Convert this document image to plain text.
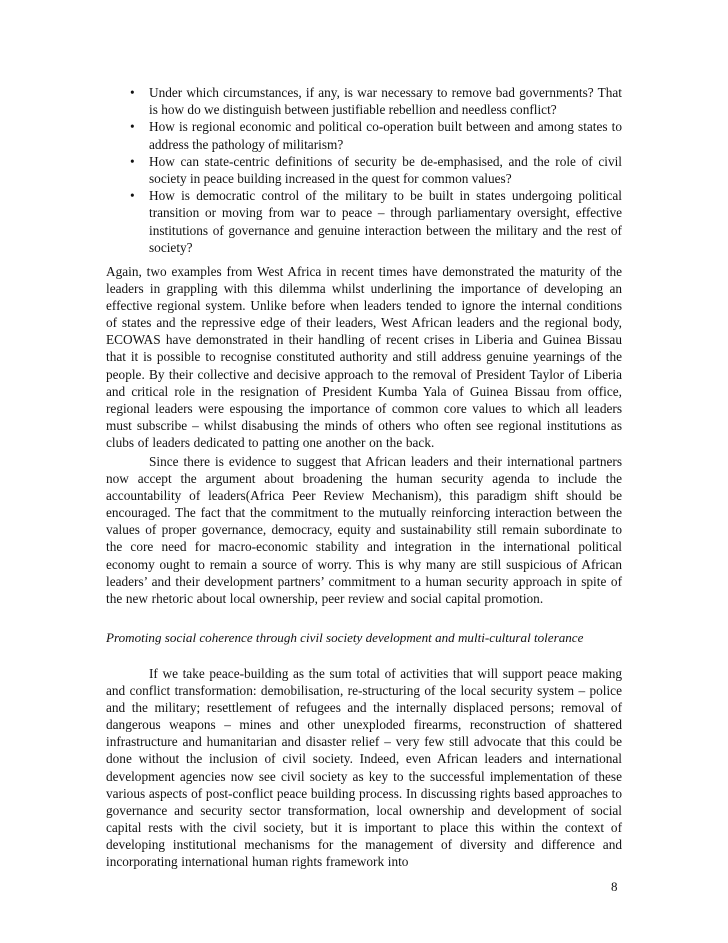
• Under which circumstances, if any, is war necessary to remove bad governments? That is how do we distinguish between justifiable rebellion and needless conflict?
• How is regional economic and political co-operation built between and among states to address the pathology of militarism?
• How can state-centric definitions of security be de-emphasised, and the role of civil society in peace building increased in the quest for common values?
• How is democratic control of the military to be built in states undergoing political transition or moving from war to peace – through parliamentary oversight, effective institutions of governance and genuine interaction between the military and the rest of society?

Again, two examples from West Africa in recent times have demonstrated the maturity of the leaders in grappling with this dilemma whilst underlining the importance of developing an effective regional system. Unlike before when leaders tended to ignore the internal conditions of states and the repressive edge of their leaders, West African leaders and the regional body, ECOWAS have demonstrated in their handling of recent crises in Liberia and Guinea Bissau that it is possible to recognise constituted authority and still address genuine yearnings of the people. By their collective and decisive approach to the removal of President Taylor of Liberia and critical role in the resignation of President Kumba Yala of Guinea Bissau from office, regional leaders were espousing the importance of common core values to which all leaders must subscribe – whilst disabusing the minds of others who often see regional institutions as clubs of leaders dedicated to patting one another on the back.

Since there is evidence to suggest that African leaders and their international partners now accept the argument about broadening the human security agenda to include the accountability of leaders(Africa Peer Review Mechanism), this paradigm shift should be encouraged. The fact that the commitment to the mutually reinforcing interaction between the values of proper governance, democracy, equity and sustainability still remain subordinate to the core need for macro-economic stability and integration in the international political economy ought to remain a source of worry. This is why many are still suspicious of African leaders’ and their development partners’ commitment to a human security approach in spite of the new rhetoric about local ownership, peer review and social capital promotion.

Promoting social coherence through civil society development and multi-cultural tolerance

If we take peace-building as the sum total of activities that will support peace making and conflict transformation: demobilisation, re-structuring of the local security system – police and the military; resettlement of refugees and the internally displaced persons; removal of dangerous weapons – mines and other unexploded firearms, reconstruction of shattered infrastructure and humanitarian and disaster relief – very few still advocate that this could be done without the inclusion of civil society. Indeed, even African leaders and international development agencies now see civil society as key to the successful implementation of these various aspects of post-conflict peace building process. In discussing rights based approaches to governance and security sector transformation, local ownership and development of social capital rests with the civil society, but it is important to place this within the context of developing institutional mechanisms for the management of diversity and difference and incorporating international human rights framework into

8
